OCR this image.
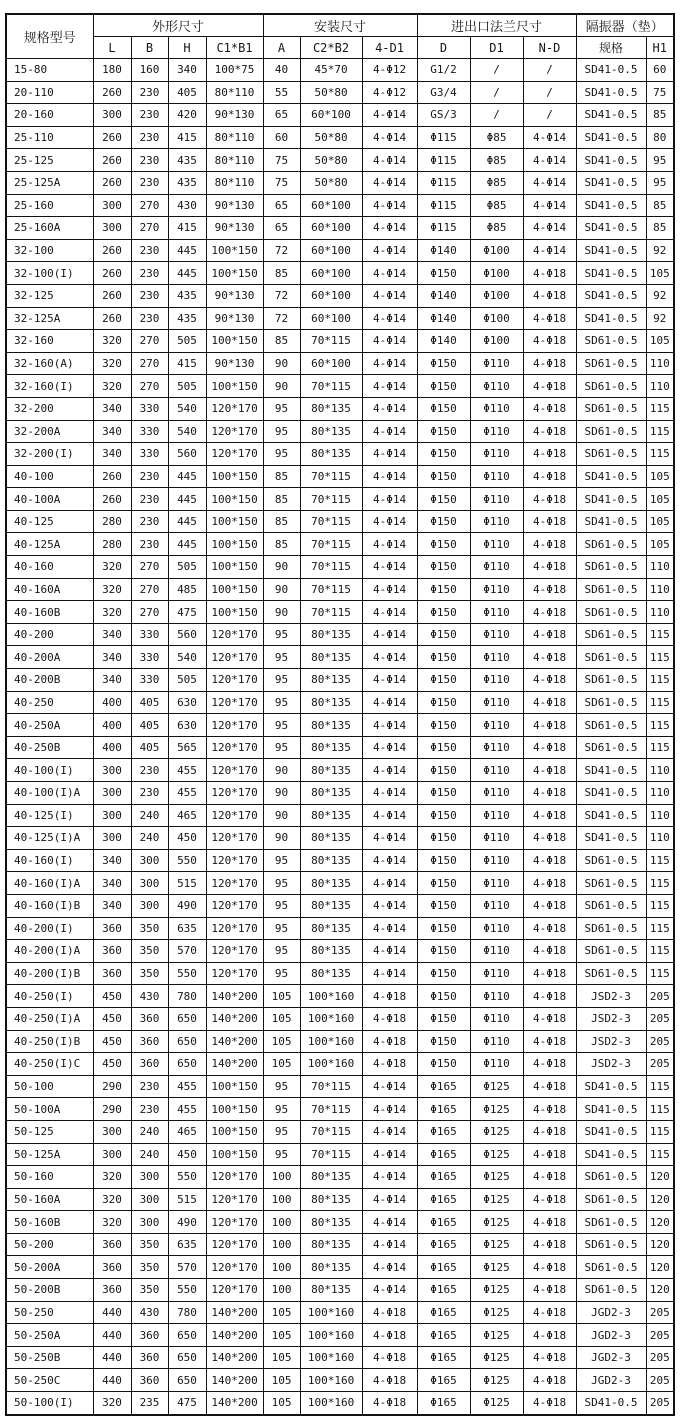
规格型号	外形尺寸				安装尺寸			进出口法兰尺寸			隔振器（垫）	
	L	B	H	C1*B1	A	C2*B2	4-D1	D	D1	N-D	规格	H1
15-80	180	160	340	100*75	40	45*70	4-Φ12	G1/2	/	/	SD41-0.5	60
20-110	260	230	405	80*110	55	50*80	4-Φ12	G3/4	/	/	SD41-0.5	75
20-160	300	230	420	90*130	65	60*100	4-Φ14	GS/3	/	/	SD41-0.5	85
25-110	260	230	415	80*110	60	50*80	4-Φ14	Φ115	Φ85	4-Φ14	SD41-0.5	80
25-125	260	230	435	80*110	75	50*80	4-Φ14	Φ115	Φ85	4-Φ14	SD41-0.5	95
25-125A	260	230	435	80*110	75	50*80	4-Φ14	Φ115	Φ85	4-Φ14	SD41-0.5	95
25-160	300	270	430	90*130	65	60*100	4-Φ14	Φ115	Φ85	4-Φ14	SD41-0.5	85
25-160A	300	270	415	90*130	65	60*100	4-Φ14	Φ115	Φ85	4-Φ14	SD41-0.5	85
32-100	260	230	445	100*150	72	60*100	4-Φ14	Φ140	Φ100	4-Φ14	SD41-0.5	92
32-100(I)	260	230	445	100*150	85	60*100	4-Φ14	Φ150	Φ100	4-Φ18	SD41-0.5	105
32-125	260	230	435	90*130	72	60*100	4-Φ14	Φ140	Φ100	4-Φ18	SD41-0.5	92
32-125A	260	230	435	90*130	72	60*100	4-Φ14	Φ140	Φ100	4-Φ18	SD41-0.5	92
32-160	320	270	505	100*150	85	70*115	4-Φ14	Φ140	Φ100	4-Φ18	SD61-0.5	105
32-160(A)	320	270	415	90*130	90	60*100	4-Φ14	Φ150	Φ110	4-Φ18	SD61-0.5	110
32-160(I)	320	270	505	100*150	90	70*115	4-Φ14	Φ150	Φ110	4-Φ18	SD61-0.5	110
32-200	340	330	540	120*170	95	80*135	4-Φ14	Φ150	Φ110	4-Φ18	SD61-0.5	115
32-200A	340	330	540	120*170	95	80*135	4-Φ14	Φ150	Φ110	4-Φ18	SD61-0.5	115
32-200(I)	340	330	560	120*170	95	80*135	4-Φ14	Φ150	Φ110	4-Φ18	SD61-0.5	115
40-100	260	230	445	100*150	85	70*115	4-Φ14	Φ150	Φ110	4-Φ18	SD41-0.5	105
40-100A	260	230	445	100*150	85	70*115	4-Φ14	Φ150	Φ110	4-Φ18	SD41-0.5	105
40-125	280	230	445	100*150	85	70*115	4-Φ14	Φ150	Φ110	4-Φ18	SD41-0.5	105
40-125A	280	230	445	100*150	85	70*115	4-Φ14	Φ150	Φ110	4-Φ18	SD61-0.5	105
40-160	320	270	505	100*150	90	70*115	4-Φ14	Φ150	Φ110	4-Φ18	SD61-0.5	110
40-160A	320	270	485	100*150	90	70*115	4-Φ14	Φ150	Φ110	4-Φ18	SD61-0.5	110
40-160B	320	270	475	100*150	90	70*115	4-Φ14	Φ150	Φ110	4-Φ18	SD61-0.5	110
40-200	340	330	560	120*170	95	80*135	4-Φ14	Φ150	Φ110	4-Φ18	SD61-0.5	115
40-200A	340	330	540	120*170	95	80*135	4-Φ14	Φ150	Φ110	4-Φ18	SD61-0.5	115
40-200B	340	330	505	120*170	95	80*135	4-Φ14	Φ150	Φ110	4-Φ18	SD61-0.5	115
40-250	400	405	630	120*170	95	80*135	4-Φ14	Φ150	Φ110	4-Φ18	SD61-0.5	115
40-250A	400	405	630	120*170	95	80*135	4-Φ14	Φ150	Φ110	4-Φ18	SD61-0.5	115
40-250B	400	405	565	120*170	95	80*135	4-Φ14	Φ150	Φ110	4-Φ18	SD61-0.5	115
40-100(I)	300	230	455	120*170	90	80*135	4-Φ14	Φ150	Φ110	4-Φ18	SD41-0.5	110
40-100(I)A	300	230	455	120*170	90	80*135	4-Φ14	Φ150	Φ110	4-Φ18	SD41-0.5	110
40-125(I)	300	240	465	120*170	90	80*135	4-Φ14	Φ150	Φ110	4-Φ18	SD41-0.5	110
40-125(I)A	300	240	450	120*170	90	80*135	4-Φ14	Φ150	Φ110	4-Φ18	SD41-0.5	110
40-160(I)	340	300	550	120*170	95	80*135	4-Φ14	Φ150	Φ110	4-Φ18	SD61-0.5	115
40-160(I)A	340	300	515	120*170	95	80*135	4-Φ14	Φ150	Φ110	4-Φ18	SD61-0.5	115
40-160(I)B	340	300	490	120*170	95	80*135	4-Φ14	Φ150	Φ110	4-Φ18	SD61-0.5	115
40-200(I)	360	350	635	120*170	95	80*135	4-Φ14	Φ150	Φ110	4-Φ18	SD61-0.5	115
40-200(I)A	360	350	570	120*170	95	80*135	4-Φ14	Φ150	Φ110	4-Φ18	SD61-0.5	115
40-200(I)B	360	350	550	120*170	95	80*135	4-Φ14	Φ150	Φ110	4-Φ18	SD61-0.5	115
40-250(I)	450	430	780	140*200	105	100*160	4-Φ18	Φ150	Φ110	4-Φ18	JSD2-3	205
40-250(I)A	450	360	650	140*200	105	100*160	4-Φ18	Φ150	Φ110	4-Φ18	JSD2-3	205
40-250(I)B	450	360	650	140*200	105	100*160	4-Φ18	Φ150	Φ110	4-Φ18	JSD2-3	205
40-250(I)C	450	360	650	140*200	105	100*160	4-Φ18	Φ150	Φ110	4-Φ18	JSD2-3	205
50-100	290	230	455	100*150	95	70*115	4-Φ14	Φ165	Φ125	4-Φ18	SD41-0.5	115
50-100A	290	230	455	100*150	95	70*115	4-Φ14	Φ165	Φ125	4-Φ18	SD41-0.5	115
50-125	300	240	465	100*150	95	70*115	4-Φ14	Φ165	Φ125	4-Φ18	SD41-0.5	115
50-125A	300	240	450	100*150	95	70*115	4-Φ14	Φ165	Φ125	4-Φ18	SD41-0.5	115
50-160	320	300	550	120*170	100	80*135	4-Φ14	Φ165	Φ125	4-Φ18	SD61-0.5	120
50-160A	320	300	515	120*170	100	80*135	4-Φ14	Φ165	Φ125	4-Φ18	SD61-0.5	120
50-160B	320	300	490	120*170	100	80*135	4-Φ14	Φ165	Φ125	4-Φ18	SD61-0.5	120
50-200	360	350	635	120*170	100	80*135	4-Φ14	Φ165	Φ125	4-Φ18	SD61-0.5	120
50-200A	360	350	570	120*170	100	80*135	4-Φ14	Φ165	Φ125	4-Φ18	SD61-0.5	120
50-200B	360	350	550	120*170	100	80*135	4-Φ14	Φ165	Φ125	4-Φ18	SD61-0.5	120
50-250	440	430	780	140*200	105	100*160	4-Φ18	Φ165	Φ125	4-Φ18	JGD2-3	205
50-250A	440	360	650	140*200	105	100*160	4-Φ18	Φ165	Φ125	4-Φ18	JGD2-3	205
50-250B	440	360	650	140*200	105	100*160	4-Φ18	Φ165	Φ125	4-Φ18	JGD2-3	205
50-250C	440	360	650	140*200	105	100*160	4-Φ18	Φ165	Φ125	4-Φ18	JGD2-3	205
50-100(I)	320	235	475	140*200	105	100*160	4-Φ18	Φ165	Φ125	4-Φ18	SD41-0.5	205
